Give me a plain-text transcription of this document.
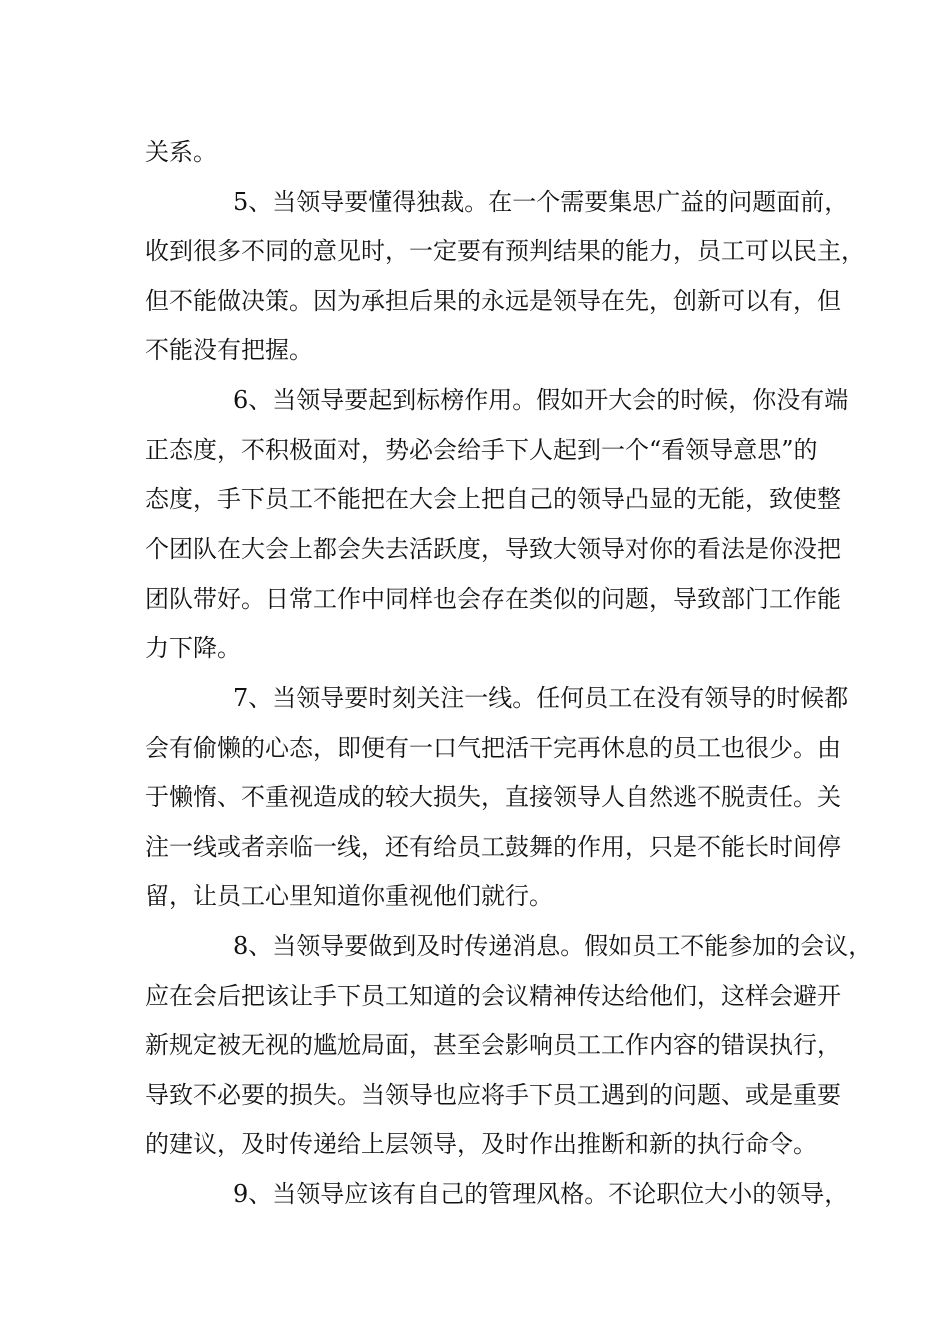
关系。
5、当领导要懂得独裁。在一个需要集思广益的问题面前，
收到很多不同的意见时，一定要有预判结果的能力，员工可以民主，
但不能做决策。因为承担后果的永远是领导在先，创新可以有，但
不能没有把握。
6、当领导要起到标榜作用。假如开大会的时候，你没有端
正态度，不积极面对，势必会给手下人起到一个“看领导意思”的
态度，手下员工不能把在大会上把自己的领导凸显的无能，致使整
个团队在大会上都会失去活跃度，导致大领导对你的看法是你没把
团队带好。日常工作中同样也会存在类似的问题，导致部门工作能
力下降。
7、当领导要时刻关注一线。任何员工在没有领导的时候都
会有偷懒的心态，即便有一口气把活干完再休息的员工也很少。由
于懒惰、不重视造成的较大损失，直接领导人自然逃不脱责任。关
注一线或者亲临一线，还有给员工鼓舞的作用，只是不能长时间停
留，让员工心里知道你重视他们就行。
8、当领导要做到及时传递消息。假如员工不能参加的会议，
应在会后把该让手下员工知道的会议精神传达给他们，这样会避开
新规定被无视的尴尬局面，甚至会影响员工工作内容的错误执行，
导致不必要的损失。当领导也应将手下员工遇到的问题、或是重要
的建议，及时传递给上层领导，及时作出推断和新的执行命令。
9、当领导应该有自己的管理风格。不论职位大小的领导，
